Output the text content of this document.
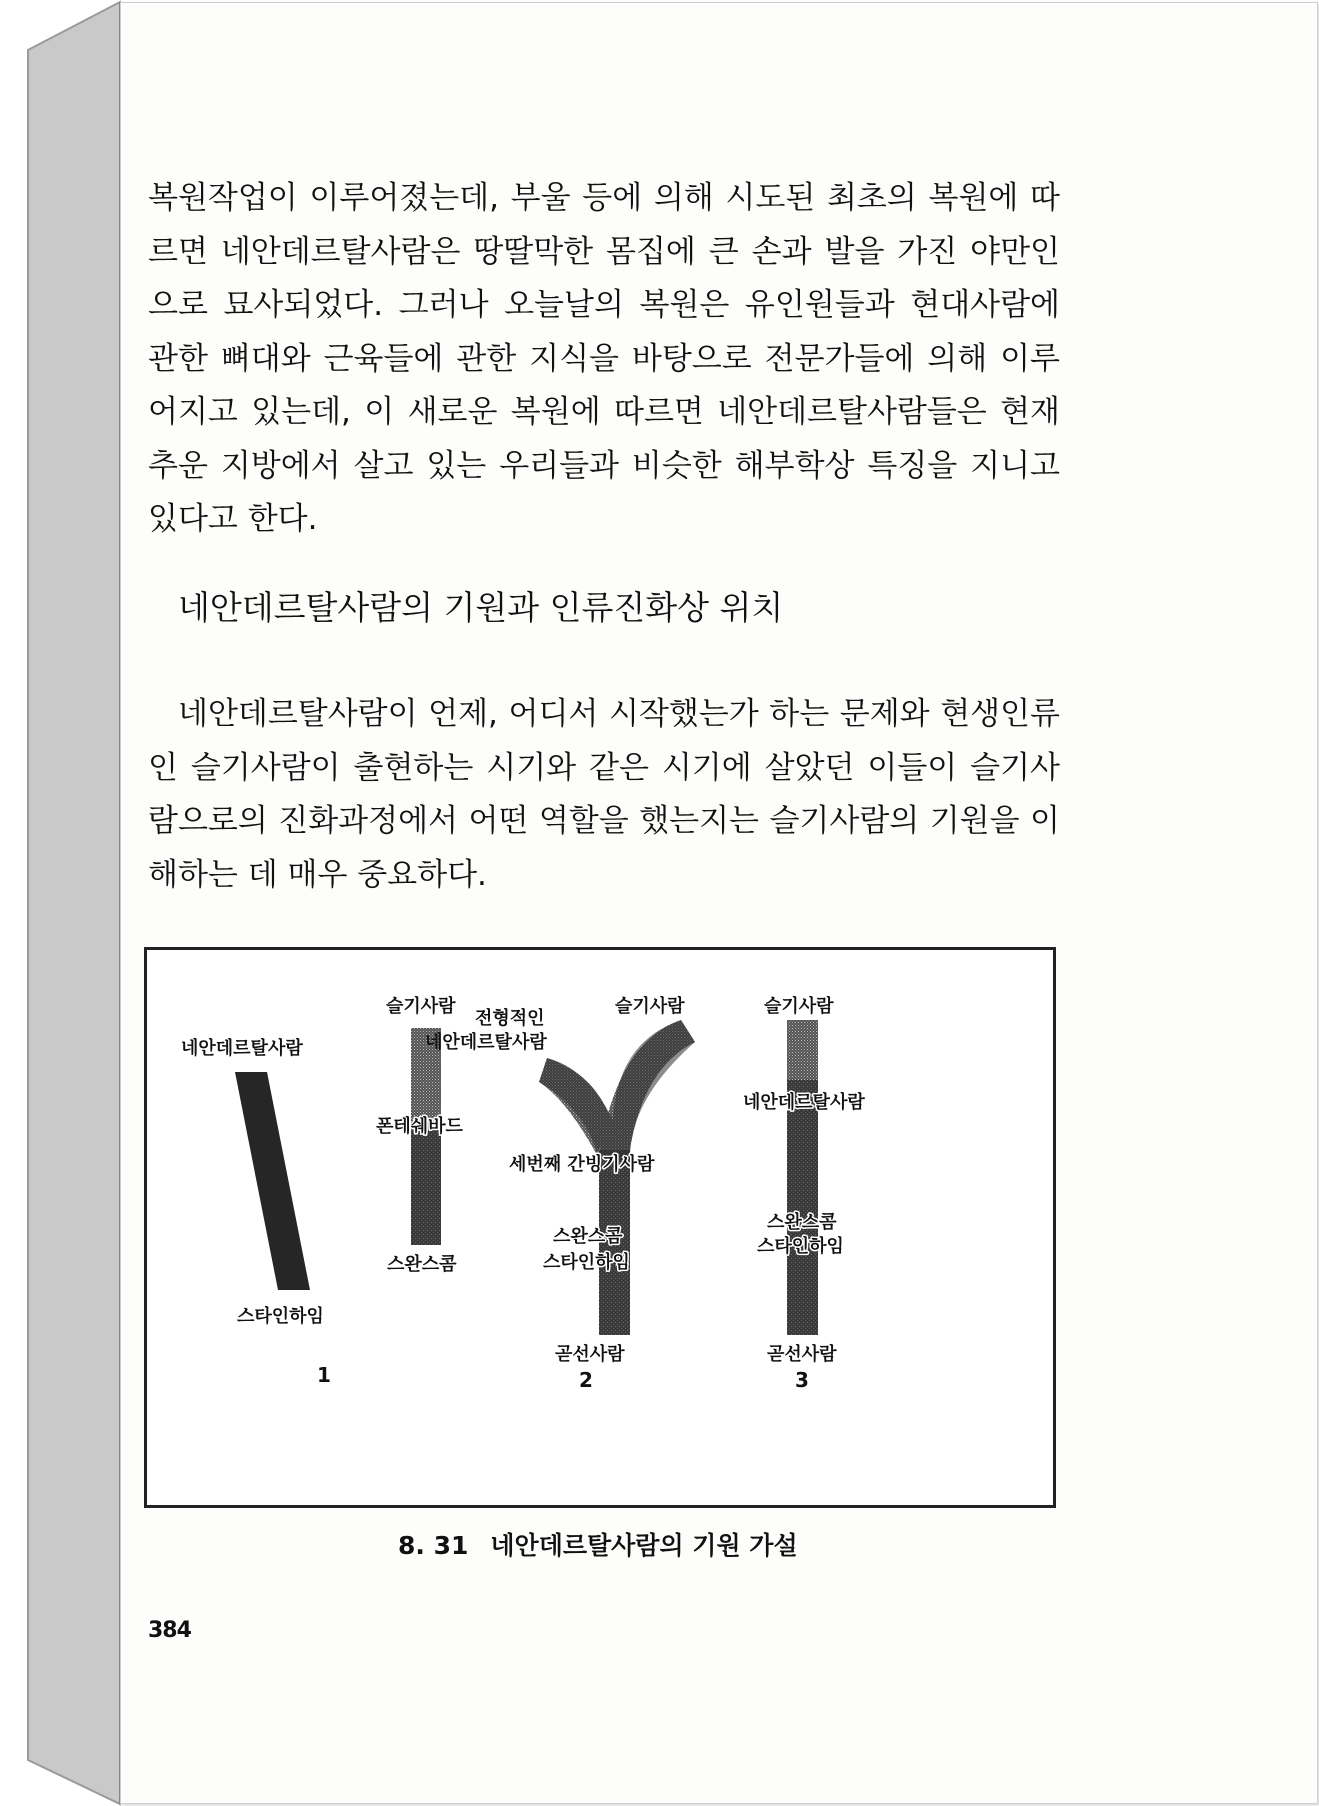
복원작업이 이루어졌는데, 부울 등에 의해 시도된 최초의 복원에 따르면 네안데르탈사람은 땅딸막한 몸집에 큰 손과 발을 가진 야만인으로 묘사되었다. 그러나 오늘날의 복원은 유인원들과 현대사람에 관한 뼈대와 근육들에 관한 지식을 바탕으로 전문가들에 의해 이루어지고 있는데, 이 새로운 복원에 따르면 네안데르탈사람들은 현재 추운 지방에서 살고 있는 우리들과 비슷한 해부학상 특징을 지니고 있다고 한다.

네안데르탈사람의 기원과 인류진화상 위치

네안데르탈사람이 언제, 어디서 시작했는가 하는 문제와 현생인류인 슬기사람이 출현하는 시기와 같은 시기에 살았던 이들이 슬기사람으로의 진화과정에서 어떤 역할을 했는지는 슬기사람의 기원을 이해하는 데 매우 중요하다.

네안데르탈사람
스타인하임
슬기사람
폰테쉐바드
스완스콤
전형적인
네안데르탈사람
슬기사람
세번째 간빙기사람
스완스콤
스타인하임
곧선사람
2
슬기사람
네안데르탈사람
스완스콤
스타인하임
곧선사람
3
1

8. 31 네안데르탈사람의 기원 가설

384
